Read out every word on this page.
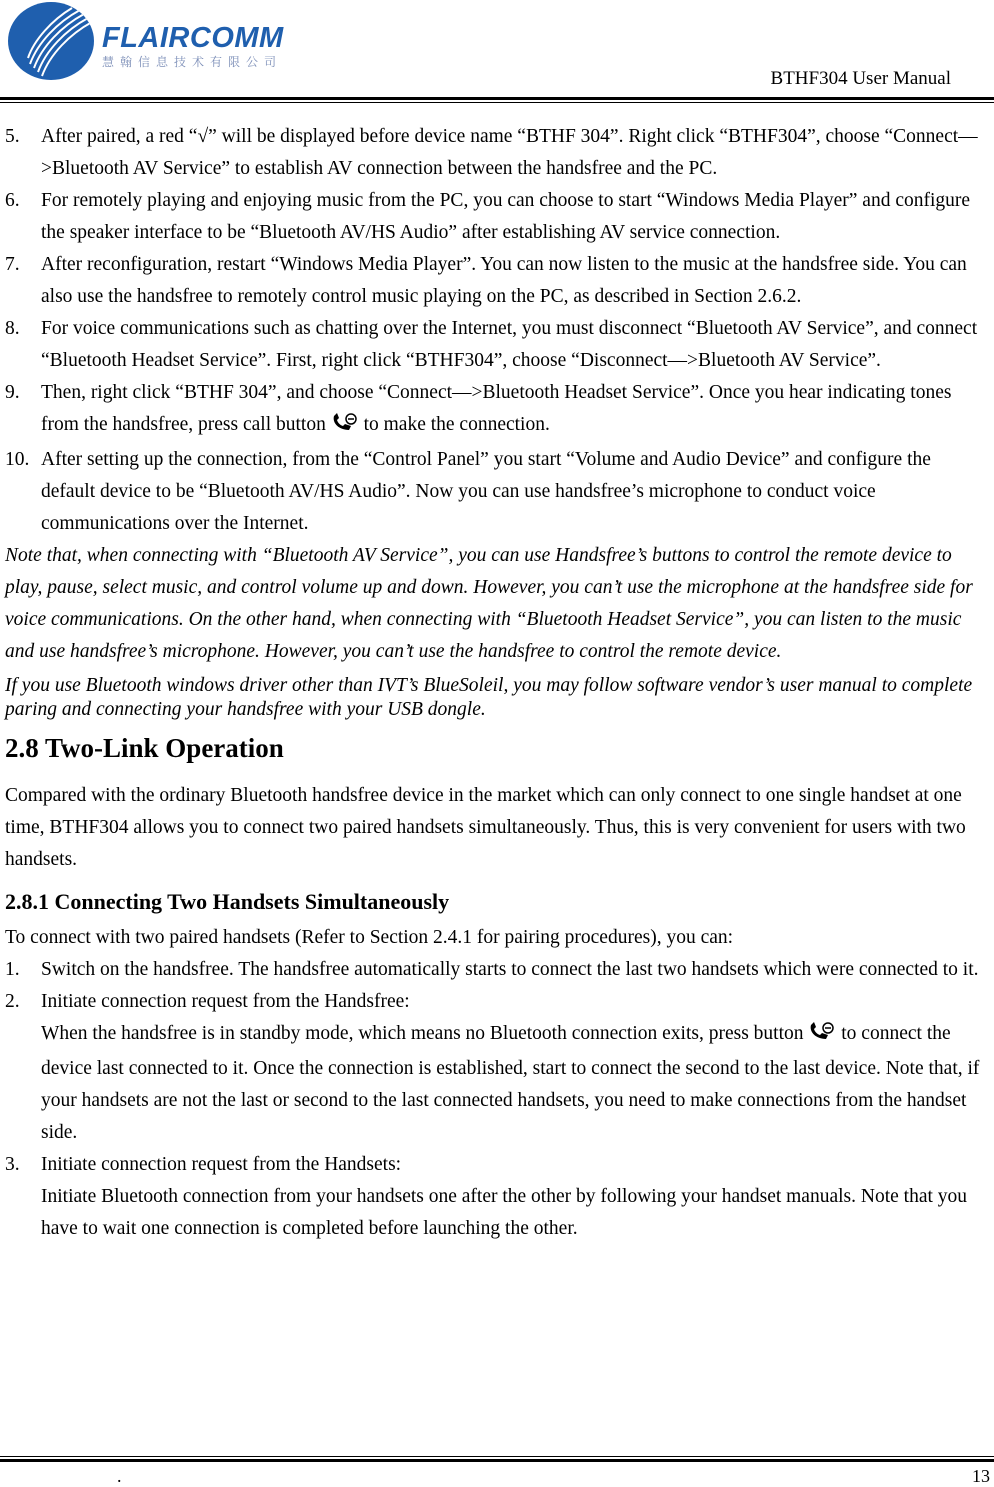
FLAIRCOMM
慧翰信息技术有限公司
BTHF304 User Manual
5. After paired, a red “√” will be displayed before device name “BTHF 304”. Right click “BTHF304”, choose “Connect—>Bluetooth AV Service” to establish AV connection between the handsfree and the PC.
6. For remotely playing and enjoying music from the PC, you can choose to start “Windows Media Player” and configure the speaker interface to be “Bluetooth AV/HS Audio” after establishing AV service connection.
7. After reconfiguration, restart “Windows Media Player”. You can now listen to the music at the handsfree side. You can also use the handsfree to remotely control music playing on the PC, as described in Section 2.6.2.
8. For voice communications such as chatting over the Internet, you must disconnect “Bluetooth AV Service”, and connect “Bluetooth Headset Service”. First, right click “BTHF304”, choose “Disconnect—>Bluetooth AV Service”.
9. Then, right click “BTHF 304”, and choose “Connect—>Bluetooth Headset Service”. Once you hear indicating tones from the handsfree, press call button to make the connection.
10. After setting up the connection, from the “Control Panel” you start “Volume and Audio Device” and configure the default device to be “Bluetooth AV/HS Audio”. Now you can use handsfree’s microphone to conduct voice communications over the Internet.
Note that, when connecting with “Bluetooth AV Service”, you can use Handsfree’s buttons to control the remote device to play, pause, select music, and control volume up and down. However, you can’t use the microphone at the handsfree side for voice communications. On the other hand, when connecting with “Bluetooth Headset Service”, you can listen to the music and use handsfree’s microphone. However, you can’t use the handsfree to control the remote device.
If you use Bluetooth windows driver other than IVT’s BlueSoleil, you may follow software vendor’s user manual to complete paring and connecting your handsfree with your USB dongle.
2.8 Two-Link Operation
Compared with the ordinary Bluetooth handsfree device in the market which can only connect to one single handset at one time, BTHF304 allows you to connect two paired handsets simultaneously. Thus, this is very convenient for users with two handsets.
2.8.1 Connecting Two Handsets Simultaneously
To connect with two paired handsets (Refer to Section 2.4.1 for pairing procedures), you can:
1. Switch on the handsfree. The handsfree automatically starts to connect the last two handsets which were connected to it.
2. Initiate connection request from the Handsfree:
When the handsfree is in standby mode, which means no Bluetooth connection exits, press button to connect the device last connected to it. Once the connection is established, start to connect the second to the last device. Note that, if your handsets are not the last or second to the last connected handsets, you need to make connections from the handset side.
3. Initiate connection request from the Handsets:
Initiate Bluetooth connection from your handsets one after the other by following your handset manuals. Note that you have to wait one connection is completed before launching the other.
.	13
